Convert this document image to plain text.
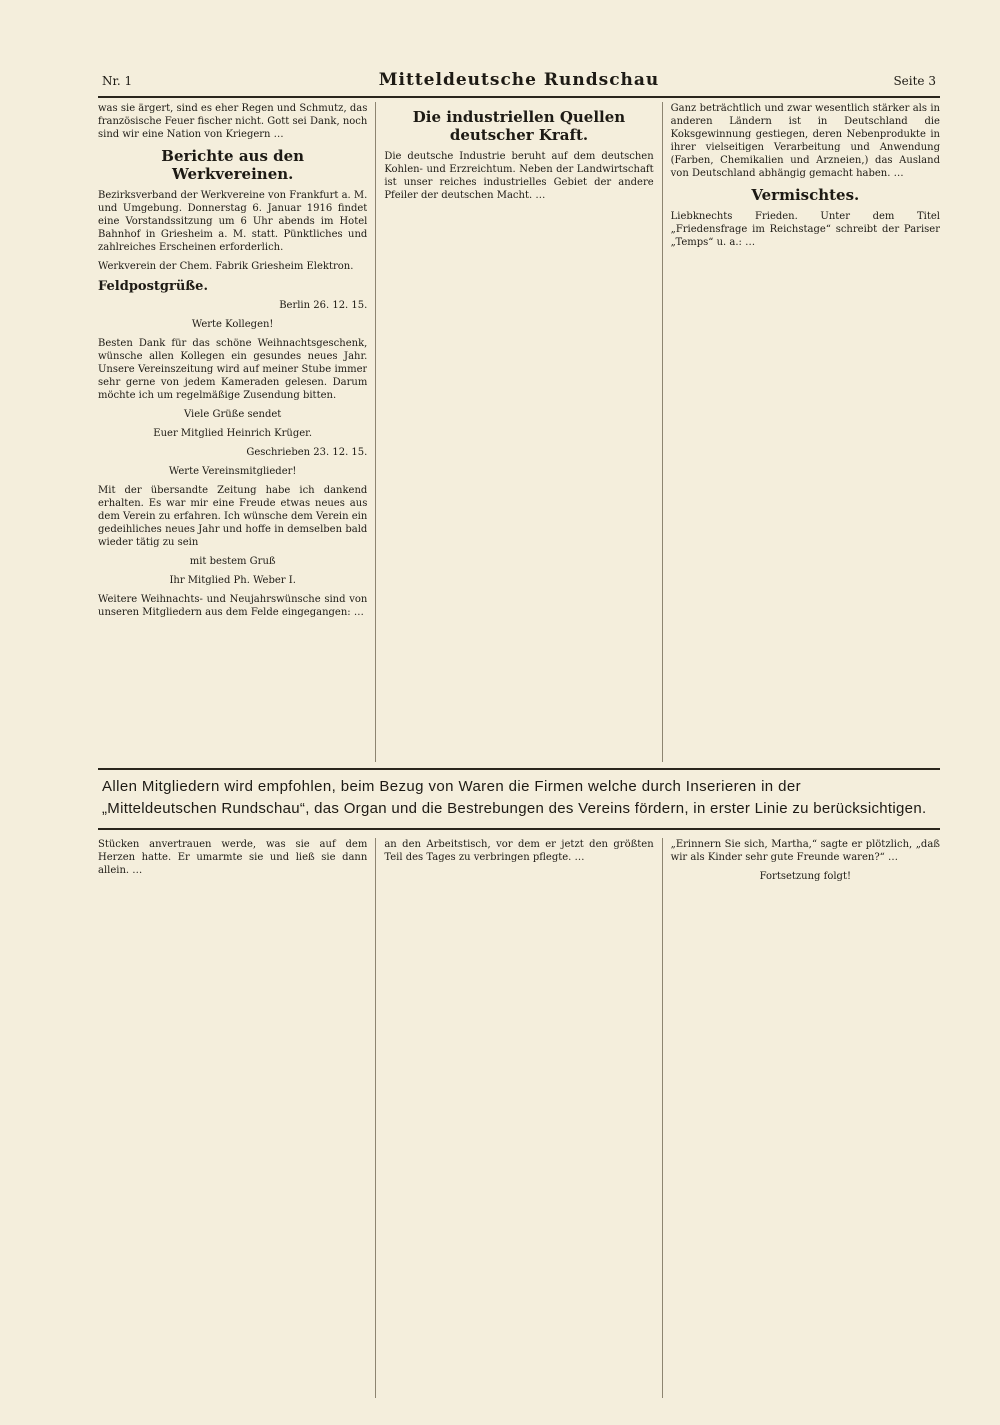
Nr. 1	Mitteldeutsche Rundschau	Seite 3

was sie ärgert, sind es eher Regen und Schmutz, das französische Feuer fischer nicht. Gott sei Dank, noch sind wir eine Nation von Kriegern …

Berichte aus den Werkvereinen.

Bezirksverband der Werkvereine von Frankfurt a. M. und Umgebung. Donnerstag 6. Januar 1916 findet eine Vorstandssitzung um 6 Uhr abends im Hotel Bahnhof in Griesheim a. M. statt. Pünktliches und zahlreiches Erscheinen erforderlich.

Werkverein der Chem. Fabrik Griesheim Elektron.

Feldpostgrüße.

Berlin 26. 12. 15.

Werte Kollegen!

Besten Dank für das schöne Weihnachtsgeschenk, wünsche allen Kollegen ein gesundes neues Jahr. Unsere Vereinszeitung wird auf meiner Stube immer sehr gerne von jedem Kameraden gelesen. Darum möchte ich um regelmäßige Zusendung bitten.

Viele Grüße sendet

Euer Mitglied Heinrich Krüger.

Geschrieben 23. 12. 15.

Werte Vereinsmitglieder!

Mit der übersandte Zeitung habe ich dankend erhalten. Es war mir eine Freude etwas neues aus dem Verein zu erfahren. Ich wünsche dem Verein ein gedeihliches neues Jahr und hoffe in demselben bald wieder tätig zu sein

mit bestem Gruß

Ihr Mitglied Ph. Weber I.

Weitere Weihnachts- und Neujahrswünsche sind von unseren Mitgliedern aus dem Felde eingegangen: …

Die industriellen Quellen deutscher Kraft.

Die deutsche Industrie beruht auf dem deutschen Kohlen- und Erzreichtum. Neben der Landwirtschaft ist unser reiches industrielles Gebiet der andere Pfeiler der deutschen Macht. …

Ganz beträchtlich und zwar wesentlich stärker als in anderen Ländern ist in Deutschland die Koksgewinnung gestiegen, deren Nebenprodukte in ihrer vielseitigen Verarbeitung und Anwendung (Farben, Chemikalien und Arzneien,) das Ausland von Deutschland abhängig gemacht haben. …

Vermischtes.

Liebknechts Frieden. Unter dem Titel „Friedensfrage im Reichstage“ schreibt der Pariser „Temps“ u. a.: …

Allen Mitgliedern wird empfohlen, beim Bezug von Waren die Firmen welche durch Inserieren in der
„Mitteldeutschen Rundschau“, das Organ und die Bestrebungen des Vereins fördern, in erster Linie zu berücksichtigen.

Stücken anvertrauen werde, was sie auf dem Herzen hatte. Er umarmte sie und ließ sie dann allein. …

an den Arbeitstisch, vor dem er jetzt den größten Teil des Tages zu verbringen pflegte. …

„Erinnern Sie sich, Martha,“ sagte er plötzlich, „daß wir als Kinder sehr gute Freunde waren?“ …

Fortsetzung folgt!
